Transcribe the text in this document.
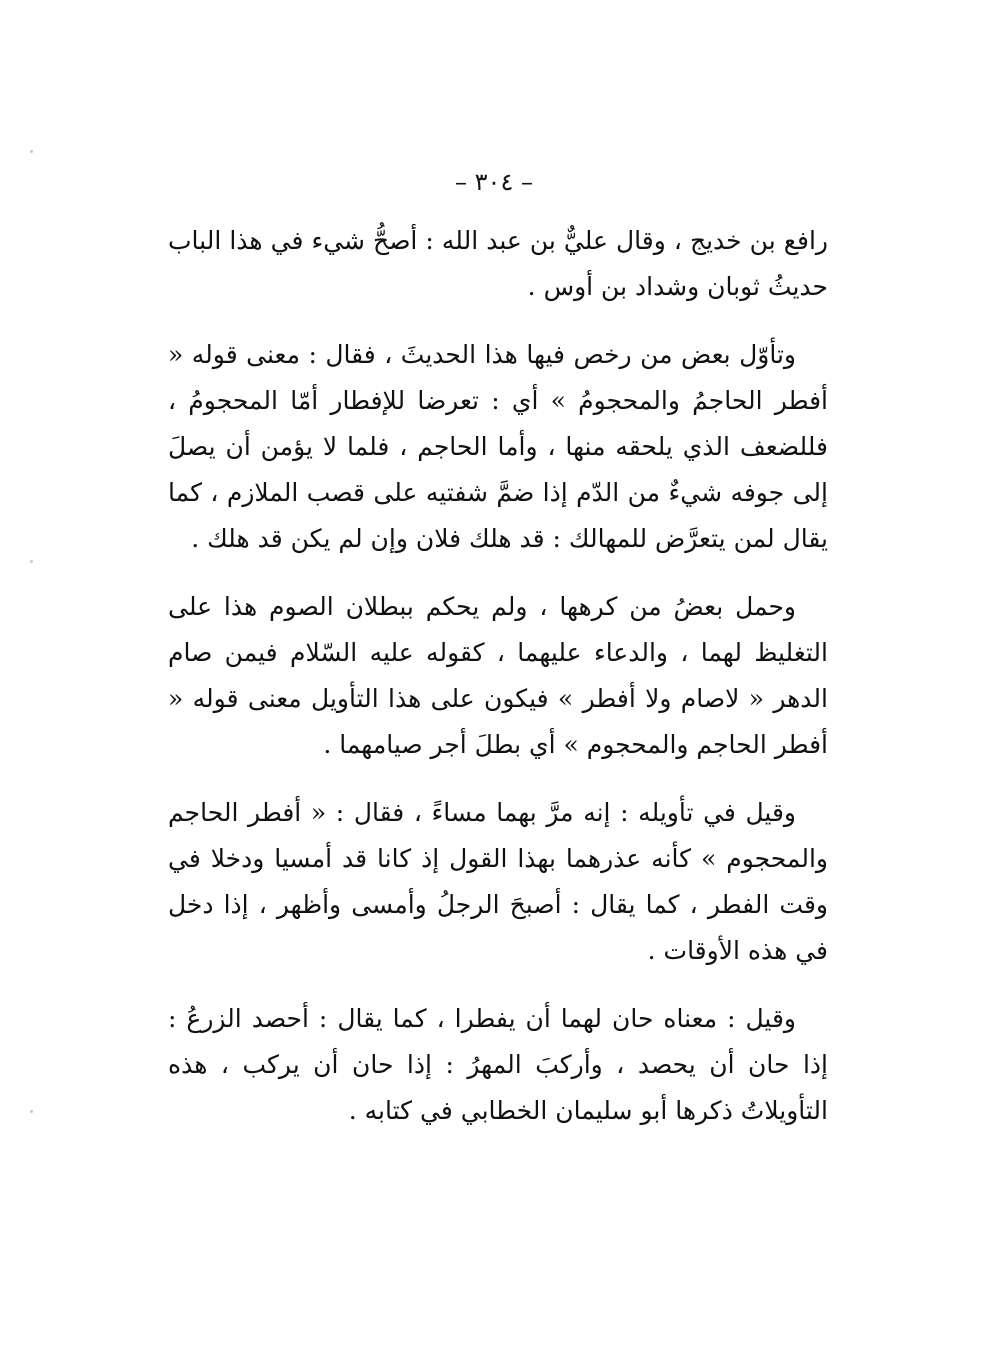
– ٣٠٤ –

رافع بن خديج ، وقال عليٌّ بن عبد الله : أصحُّ شيء في هذا الباب حديثُ ثوبان وشداد بن أوس .

وتأوّل بعض من رخص فيها هذا الحديثَ ، فقال : معنى قوله « أفطر الحاجمُ والمحجومُ » أي : تعرضا للإفطار أمّا المحجومُ ، فللضعف الذي يلحقه منها ، وأما الحاجم ، فلما لا يؤمن أن يصلَ إلى جوفه شيءٌ من الدّم إذا ضمَّ شفتيه على قصب الملازم ، كما يقال لمن يتعرَّض للمهالك : قد هلك فلان وإن لم يكن قد هلك .

وحمل بعضُ من كرهها ، ولم يحكم ببطلان الصوم هذا على التغليظ لهما ، والدعاء عليهما ، كقوله عليه السّلام فيمن صام الدهر « لاصام ولا أفطر » فيكون على هذا التأويل معنى قوله « أفطر الحاجم والمحجوم » أي بطلَ أجر صيامهما .

وقيل في تأويله : إنه مرَّ بهما مساءً ، فقال : « أفطر الحاجم والمحجوم » كأنه عذرهما بهذا القول إذ كانا قد أمسيا ودخلا في وقت الفطر ، كما يقال : أصبحَ الرجلُ وأمسى وأظهر ، إذا دخل في هذه الأوقات .

وقيل : معناه حان لهما أن يفطرا ، كما يقال : أحصد الزرعُ : إذا حان أن يحصد ، وأركبَ المهرُ : إذا حان أن يركب ، هذه التأويلاتُ ذكرها أبو سليمان الخطابي في كتابه .
